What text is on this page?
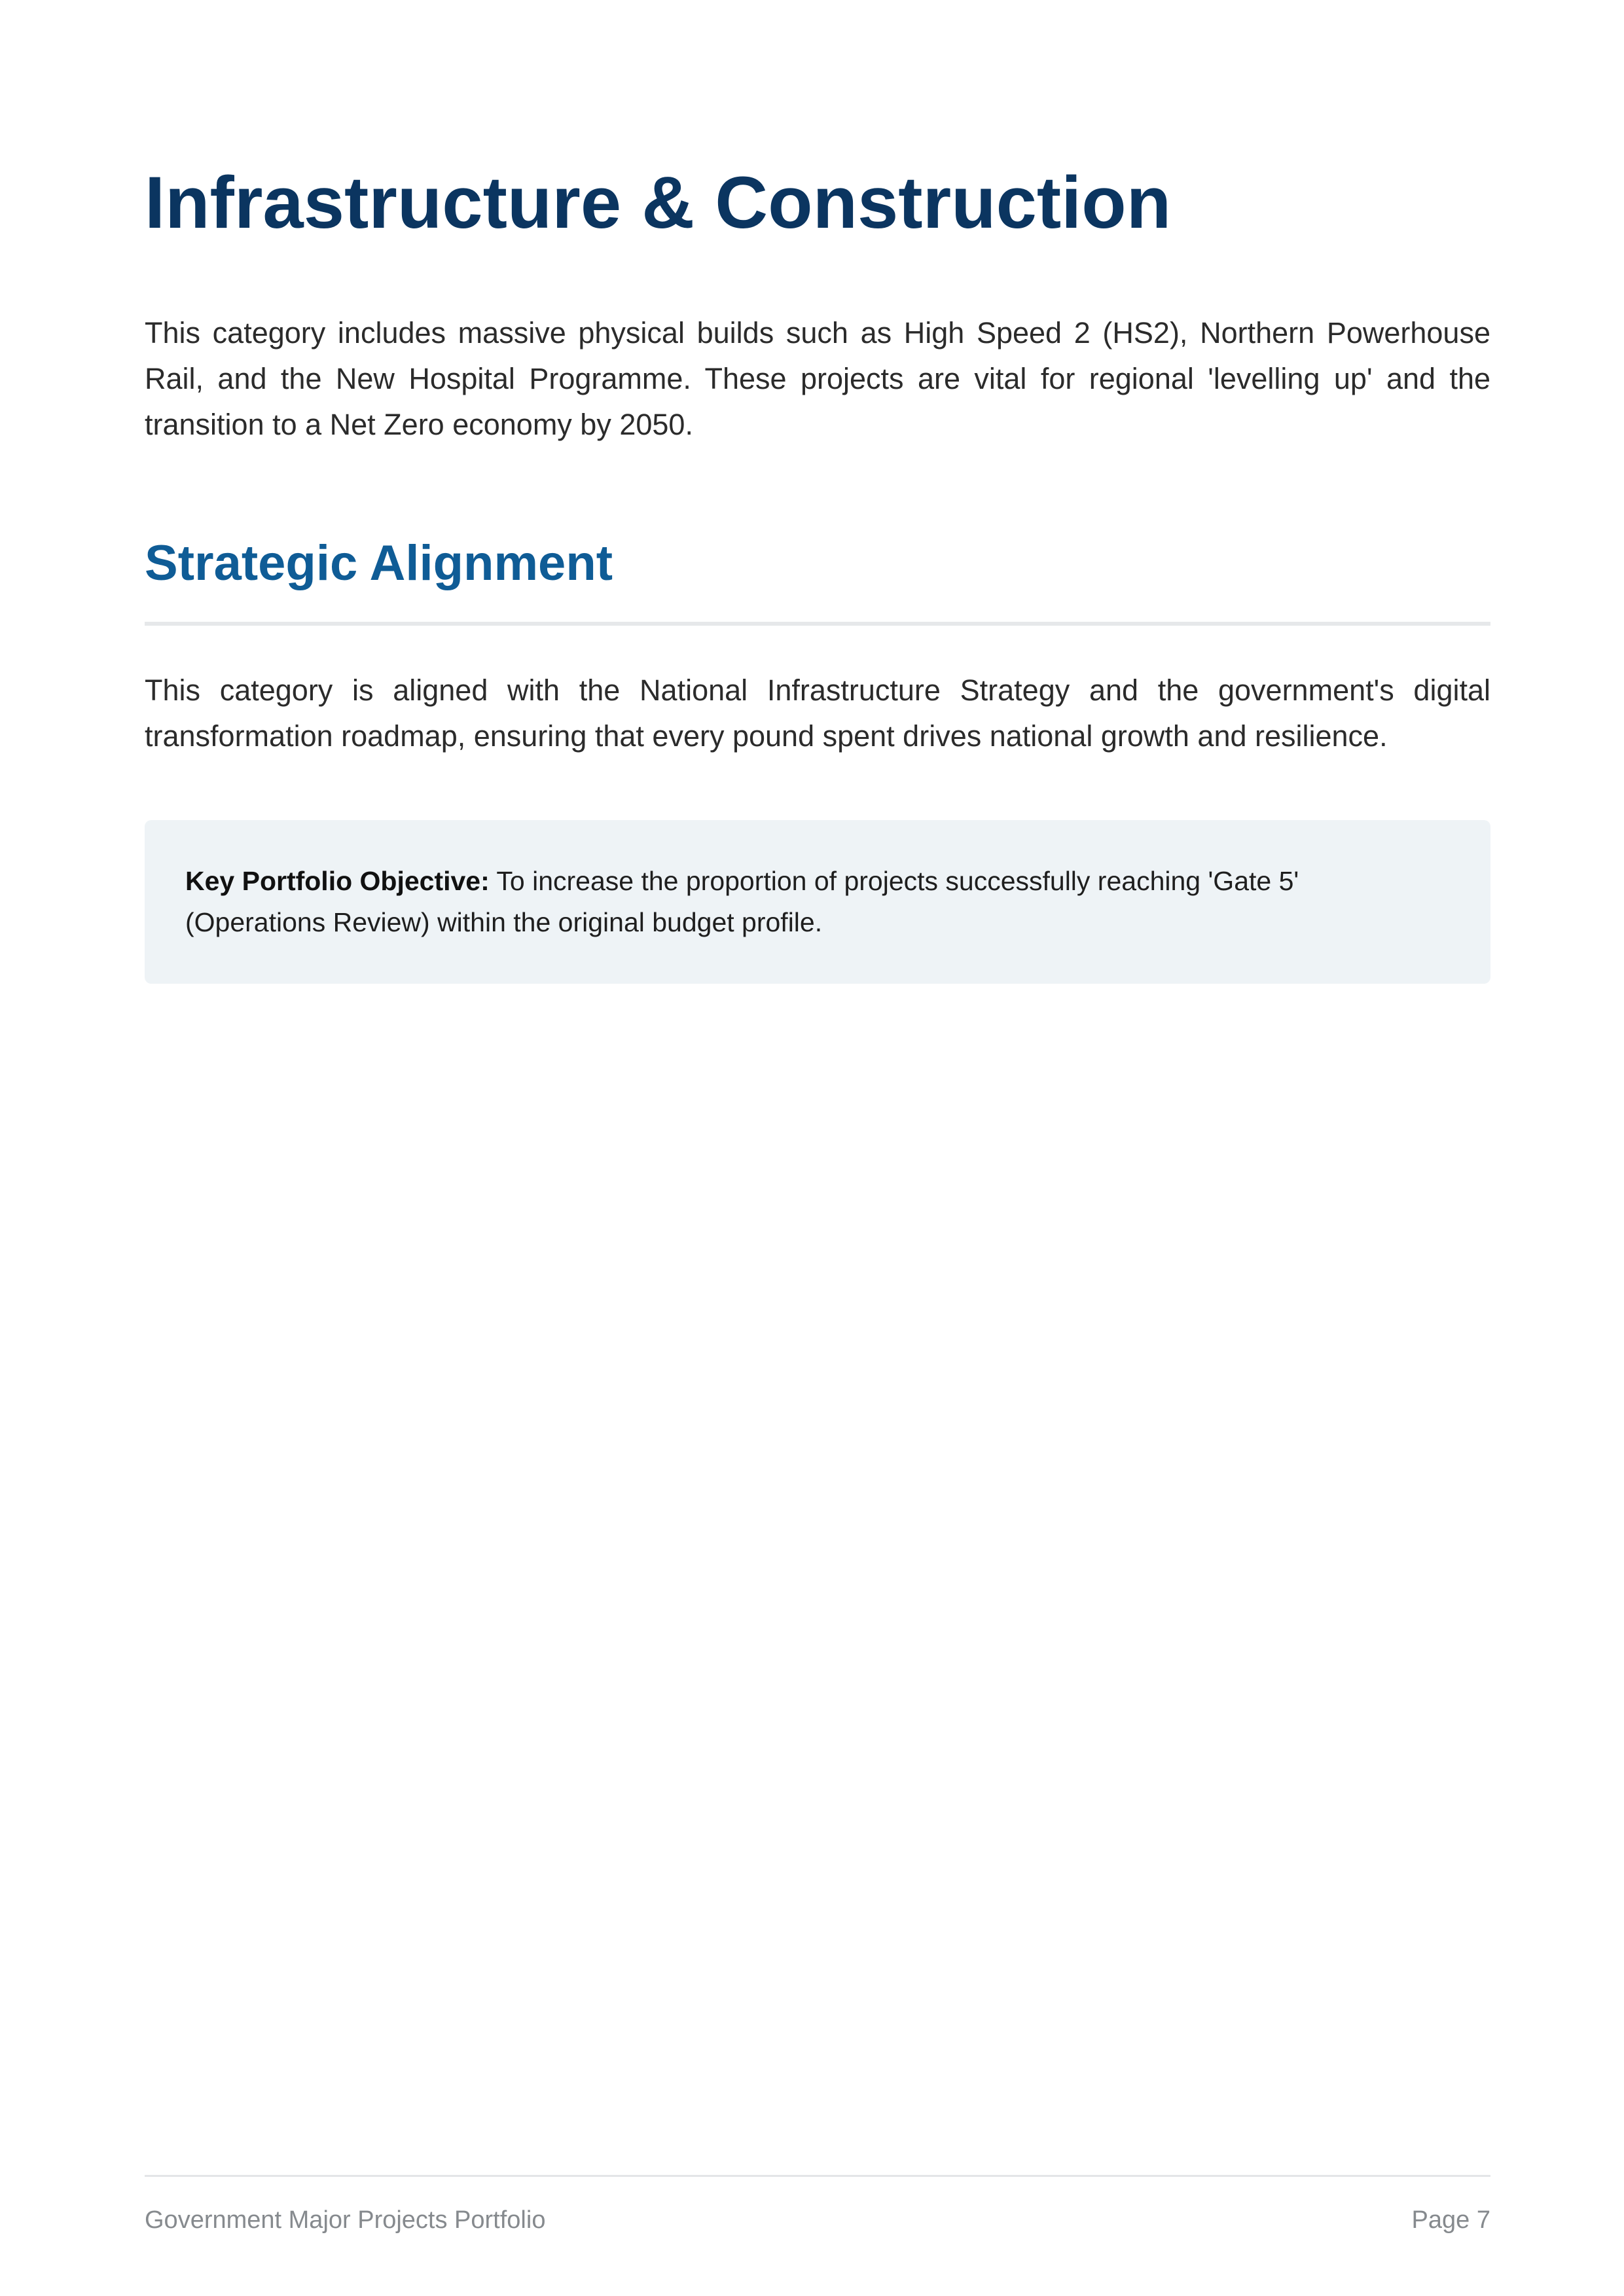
Infrastructure & Construction

This category includes massive physical builds such as High Speed 2 (HS2), Northern Powerhouse Rail, and the New Hospital Programme. These projects are vital for regional 'levelling up' and the transition to a Net Zero economy by 2050.

Strategic Alignment

This category is aligned with the National Infrastructure Strategy and the government's digital transformation roadmap, ensuring that every pound spent drives national growth and resilience.

Key Portfolio Objective: To increase the proportion of projects successfully reaching 'Gate 5' (Operations Review) within the original budget profile.

Government Major Projects Portfolio	Page 7
